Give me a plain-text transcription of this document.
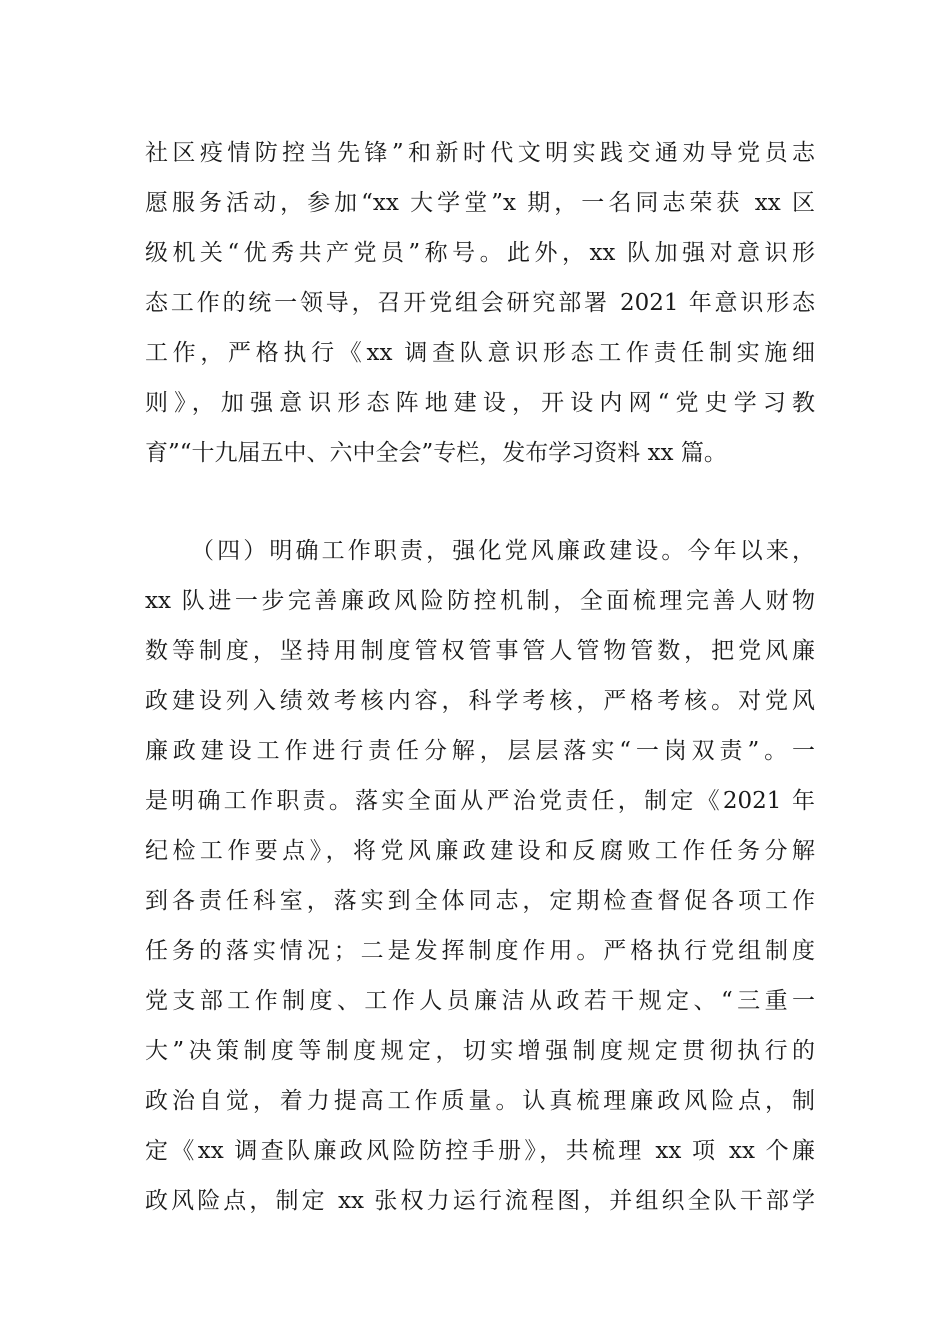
社区疫情防控当先锋”和新时代文明实践交通劝导党员志
愿服务活动，参加“xx 大学堂”x 期，一名同志荣获 xx 区
级机关“优秀共产党员”称号。此外，xx 队加强对意识形
态工作的统一领导，召开党组会研究部署 2021 年意识形态
工作，严格执行《xx 调查队意识形态工作责任制实施细
则》，加强意识形态阵地建设，开设内网“党史学习教
育”“十九届五中、六中全会”专栏，发布学习资料 xx 篇。
（四）明确工作职责，强化党风廉政建设。今年以来，
xx 队进一步完善廉政风险防控机制，全面梳理完善人财物
数等制度，坚持用制度管权管事管人管物管数，把党风廉
政建设列入绩效考核内容，科学考核，严格考核。对党风
廉政建设工作进行责任分解，层层落实“一岗双责”。一
是明确工作职责。落实全面从严治党责任，制定《2021 年
纪检工作要点》，将党风廉政建设和反腐败工作任务分解
到各责任科室，落实到全体同志，定期检查督促各项工作
任务的落实情况；二是发挥制度作用。严格执行党组制度
党支部工作制度、工作人员廉洁从政若干规定、“三重一
大”决策制度等制度规定，切实增强制度规定贯彻执行的
政治自觉，着力提高工作质量。认真梳理廉政风险点，制
定《xx 调查队廉政风险防控手册》，共梳理 xx 项 xx 个廉
政风险点，制定 xx 张权力运行流程图，并组织全队干部学
